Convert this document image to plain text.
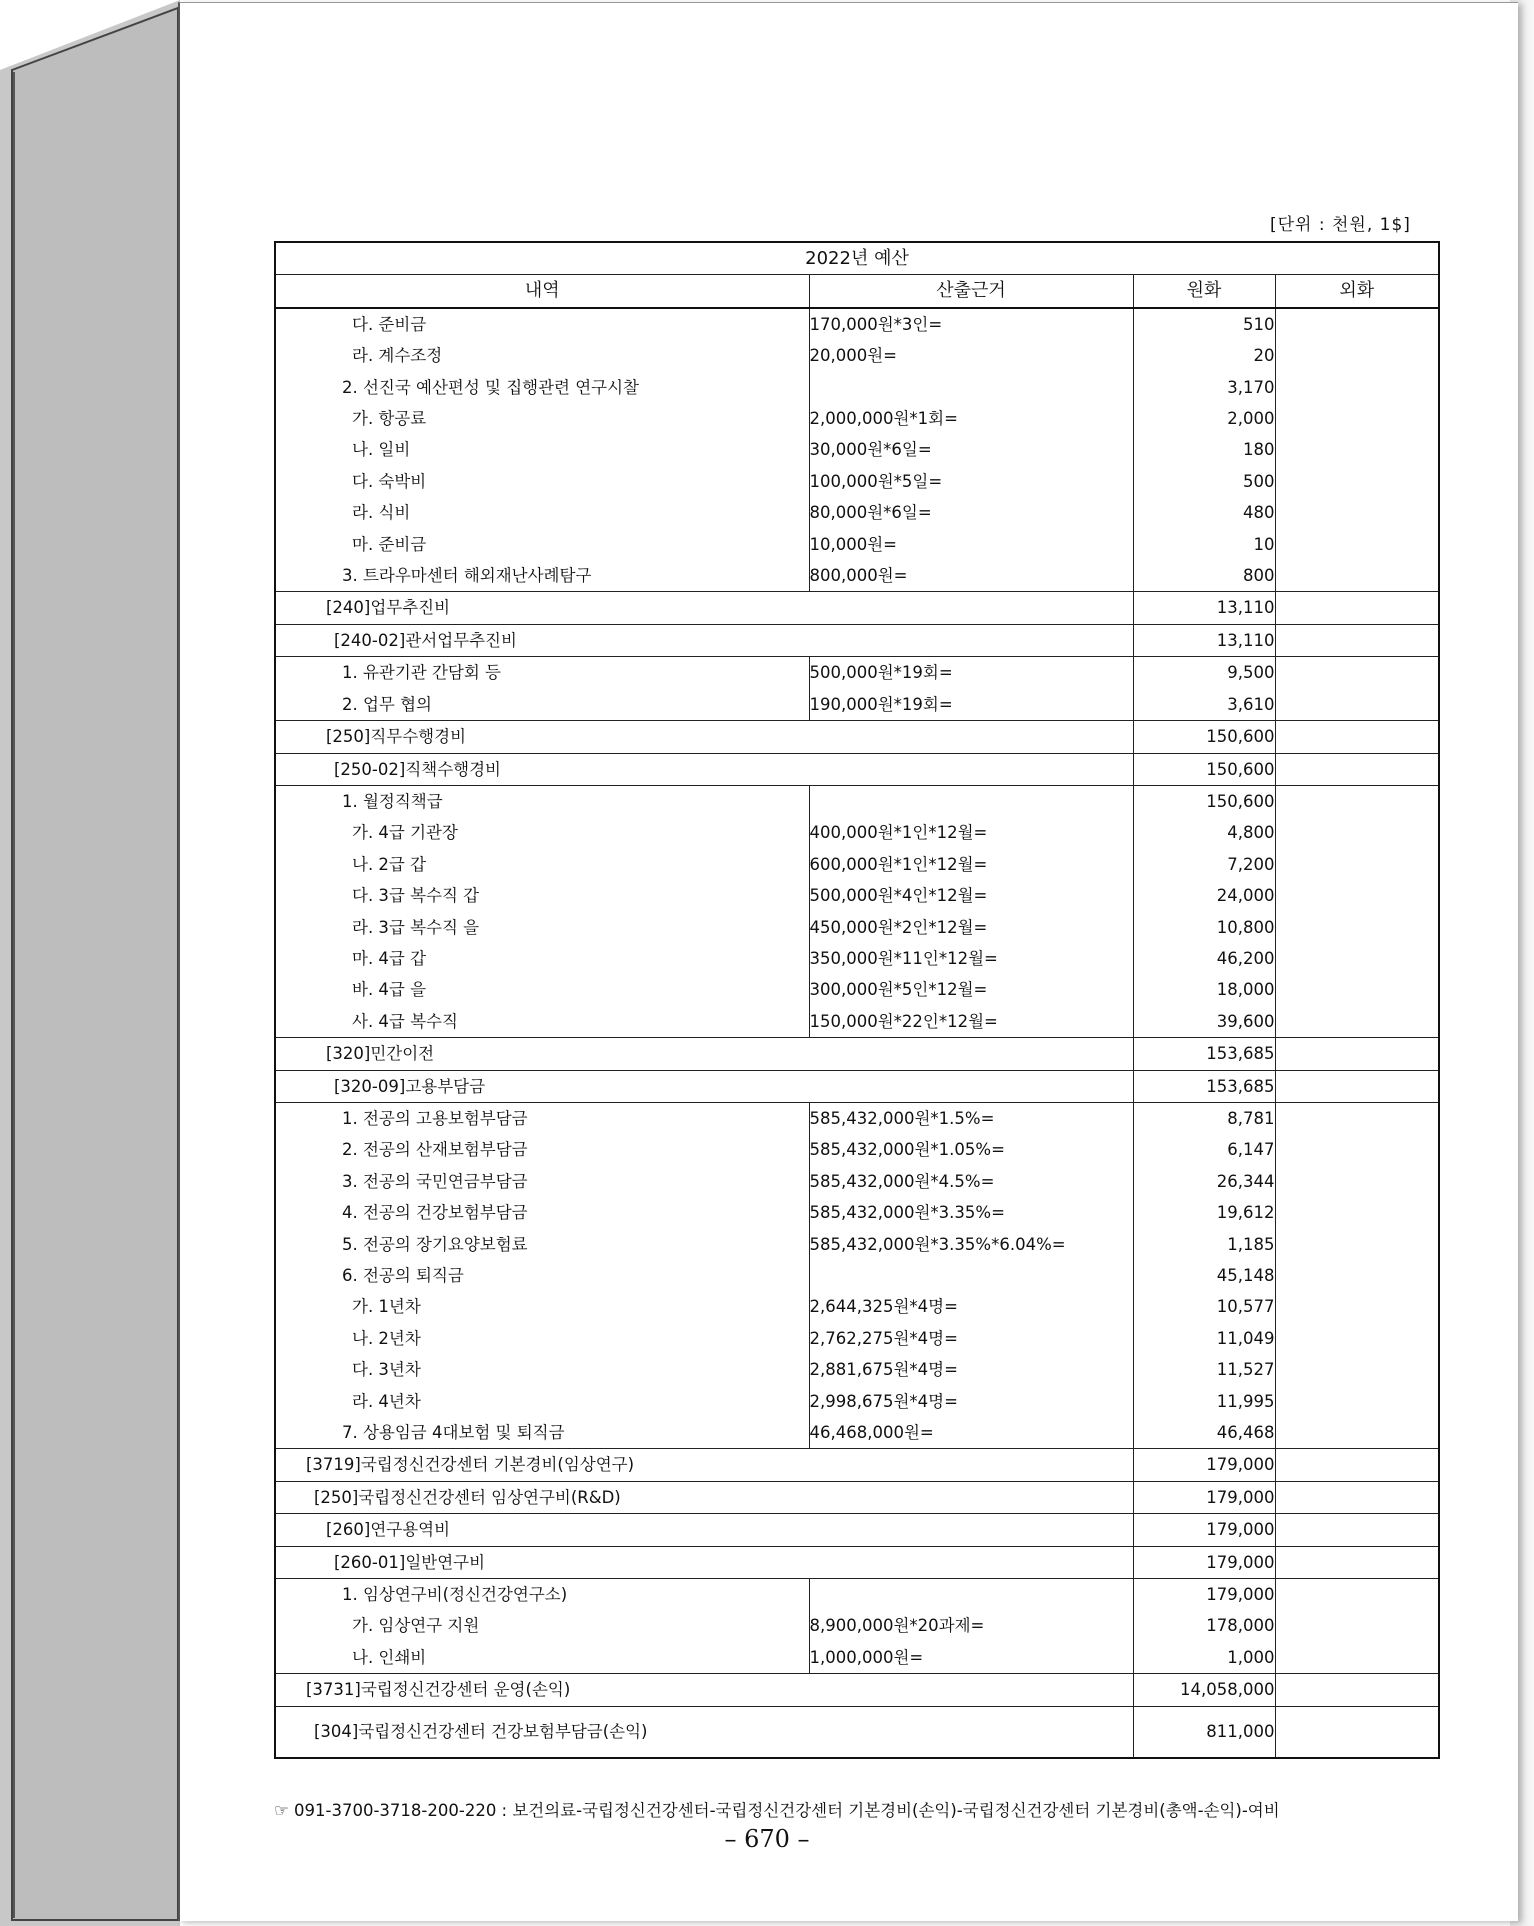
[단위 : 천원, 1$]
2022년 예산			
내역	산출근거	원화	외화
다. 준비금	170,000원*3인=	510	
라. 계수조정	20,000원=	20	
2. 선진국 예산편성 및 집행관련 연구시찰		3,170	
가. 항공료	2,000,000원*1회=	2,000	
나. 일비	30,000원*6일=	180	
다. 숙박비	100,000원*5일=	500	
라. 식비	80,000원*6일=	480	
마. 준비금	10,000원=	10	
3. 트라우마센터 해외재난사례탐구	800,000원=	800	
[240]업무추진비		13,110	
[240-02]관서업무추진비		13,110	
1. 유관기관 간담회 등	500,000원*19회=	9,500	
2. 업무 협의	190,000원*19회=	3,610	
[250]직무수행경비		150,600	
[250-02]직책수행경비		150,600	
1. 월정직책급		150,600	
가. 4급 기관장	400,000원*1인*12월=	4,800	
나. 2급 갑	600,000원*1인*12월=	7,200	
다. 3급 복수직 갑	500,000원*4인*12월=	24,000	
라. 3급 복수직 을	450,000원*2인*12월=	10,800	
마. 4급 갑	350,000원*11인*12월=	46,200	
바. 4급 을	300,000원*5인*12월=	18,000	
사. 4급 복수직	150,000원*22인*12월=	39,600	
[320]민간이전		153,685	
[320-09]고용부담금		153,685	
1. 전공의 고용보험부담금	585,432,000원*1.5%=	8,781	
2. 전공의 산재보험부담금	585,432,000원*1.05%=	6,147	
3. 전공의 국민연금부담금	585,432,000원*4.5%=	26,344	
4. 전공의 건강보험부담금	585,432,000원*3.35%=	19,612	
5. 전공의 장기요양보험료	585,432,000원*3.35%*6.04%=	1,185	
6. 전공의 퇴직금		45,148	
가. 1년차	2,644,325원*4명=	10,577	
나. 2년차	2,762,275원*4명=	11,049	
다. 3년차	2,881,675원*4명=	11,527	
라. 4년차	2,998,675원*4명=	11,995	
7. 상용임금 4대보험 및 퇴직금	46,468,000원=	46,468	
[3719]국립정신건강센터 기본경비(임상연구)		179,000	
[250]국립정신건강센터 임상연구비(R&D)		179,000	
[260]연구용역비		179,000	
[260-01]일반연구비		179,000	
1. 임상연구비(정신건강연구소)		179,000	
가. 임상연구 지원	8,900,000원*20과제=	178,000	
나. 인쇄비	1,000,000원=	1,000	
[3731]국립정신건강센터 운영(손익)		14,058,000	
[304]국립정신건강센터 건강보험부담금(손익)		811,000	
☞ 091-3700-3718-200-220 : 보건의료-국립정신건강센터-국립정신건강센터 기본경비(손익)-국립정신건강센터 기본경비(총액-손익)-여비
– 670 –
